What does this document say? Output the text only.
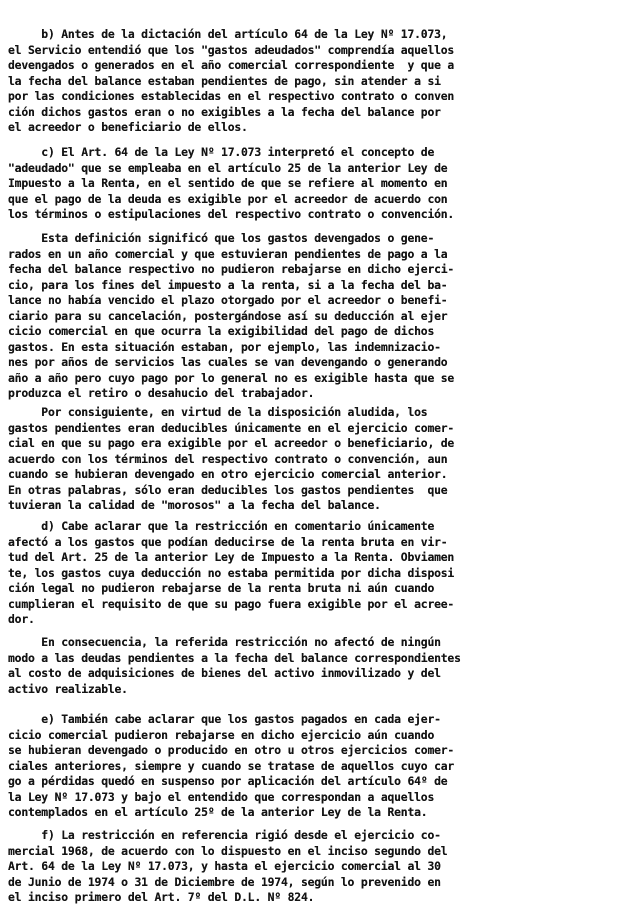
b) Antes de la dictación del artículo 64 de la Ley Nº 17.073,
el Servicio entendió que los "gastos adeudados" comprendía aquellos
devengados o generados en el año comercial correspondiente  y que a
la fecha del balance estaban pendientes de pago, sin atender a si
por las condiciones establecidas en el respectivo contrato o conven
ción dichos gastos eran o no exigibles a la fecha del balance por
el acreedor o beneficiario de ellos.
c) El Art. 64 de la Ley Nº 17.073 interpretó el concepto de
"adeudado" que se empleaba en el artículo 25 de la anterior Ley de
Impuesto a la Renta, en el sentido de que se refiere al momento en
que el pago de la deuda es exigible por el acreedor de acuerdo con
los términos o estipulaciones del respectivo contrato o convención.
Esta definición significó que los gastos devengados o gene-
rados en un año comercial y que estuvieran pendientes de pago a la
fecha del balance respectivo no pudieron rebajarse en dicho ejerci-
cio, para los fines del impuesto a la renta, si a la fecha del ba-
lance no había vencido el plazo otorgado por el acreedor o benefi-
ciario para su cancelación, postergándose así su deducción al ejer
cicio comercial en que ocurra la exigibilidad del pago de dichos
gastos. En esta situación estaban, por ejemplo, las indemnizacio-
nes por años de servicios las cuales se van devengando o generando
año a año pero cuyo pago por lo general no es exigible hasta que se
produzca el retiro o desahucio del trabajador.
Por consiguiente, en virtud de la disposición aludida, los
gastos pendientes eran deducibles únicamente en el ejercicio comer-
cial en que su pago era exigible por el acreedor o beneficiario, de
acuerdo con los términos del respectivo contrato o convención, aun
cuando se hubieran devengado en otro ejercicio comercial anterior.
En otras palabras, sólo eran deducibles los gastos pendientes  que
tuvieran la calidad de "morosos" a la fecha del balance.
d) Cabe aclarar que la restricción en comentario únicamente
afectó a los gastos que podían deducirse de la renta bruta en vir-
tud del Art. 25 de la anterior Ley de Impuesto a la Renta. Obviamen
te, los gastos cuya deducción no estaba permitida por dicha disposi
ción legal no pudieron rebajarse de la renta bruta ni aún cuando
cumplieran el requisito de que su pago fuera exigible por el acree-
dor.
En consecuencia, la referida restricción no afectó de ningún
modo a las deudas pendientes a la fecha del balance correspondientes
al costo de adquisiciones de bienes del activo inmovilizado y del
activo realizable.
e) También cabe aclarar que los gastos pagados en cada ejer-
cicio comercial pudieron rebajarse en dicho ejercicio aún cuando
se hubieran devengado o producido en otro u otros ejercicios comer-
ciales anteriores, siempre y cuando se tratase de aquellos cuyo car
go a pérdidas quedó en suspenso por aplicación del artículo 64º de
la Ley Nº 17.073 y bajo el entendido que correspondan a aquellos
contemplados en el artículo 25º de la anterior Ley de la Renta.
f) La restricción en referencia rigió desde el ejercicio co-
mercial 1968, de acuerdo con lo dispuesto en el inciso segundo del
Art. 64 de la Ley Nº 17.073, y hasta el ejercicio comercial al 30
de Junio de 1974 o 31 de Diciembre de 1974, según lo prevenido en
el inciso primero del Art. 7º del D.L. Nº 824.
